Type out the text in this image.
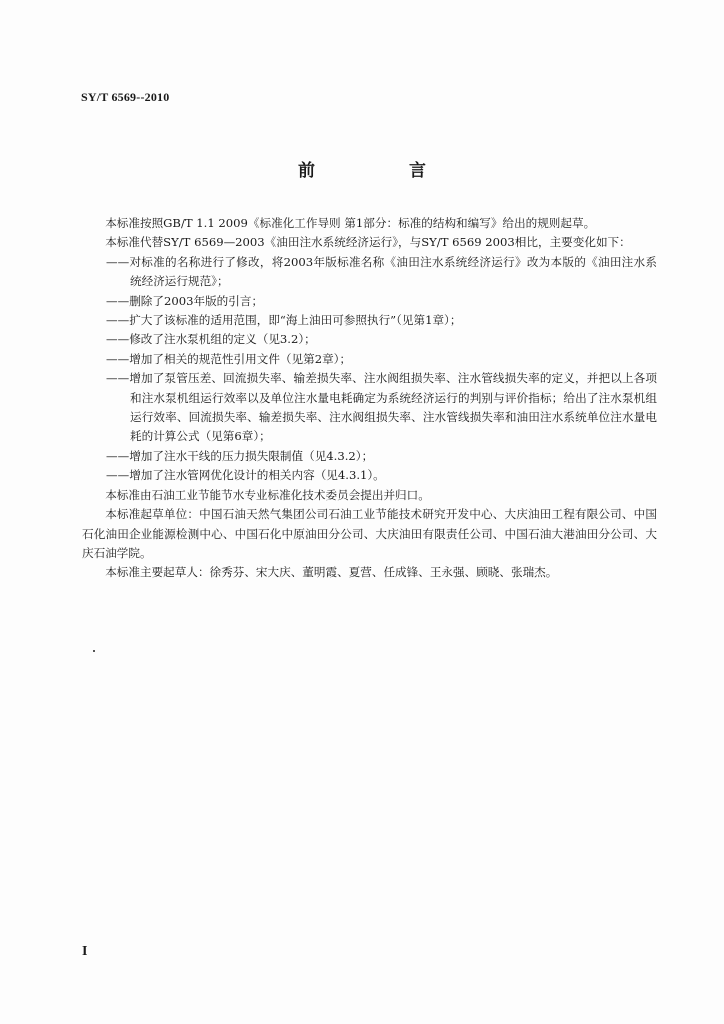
SY/T 6569--2010
前 言

本标准按照GB/T 1.1 2009《标准化工作导则 第1部分：标准的结构和编写》给出的规则起草。

本标准代替SY/T 6569—2003《油田注水系统经济运行》，与SY/T 6569 2003相比，主要变化如下：

——对标准的名称进行了修改，将2003年版标准名称《油田注水系统经济运行》改为本版的《油田注水系统经济运行规范》；

——删除了2003年版的引言；

——扩大了该标准的适用范围，即“海上油田可参照执行”（见第1章）；

——修改了注水泵机组的定义（见3.2）；

——增加了相关的规范性引用文件（见第2章）；

——增加了泵管压差、回流损失率、输差损失率、注水阀组损失率、注水管线损失率的定义，并把以上各项和注水泵机组运行效率以及单位注水量电耗确定为系统经济运行的判别与评价指标；给出了注水泵机组运行效率、回流损失率、输差损失率、注水阀组损失率、注水管线损失率和油田注水系统单位注水量电耗的计算公式（见第6章）；

——增加了注水干线的压力损失限制值（见4.3.2）；

——增加了注水管网优化设计的相关内容（见4.3.1）。

本标准由石油工业节能节水专业标准化技术委员会提出并归口。

本标准起草单位：中国石油天然气集团公司石油工业节能技术研究开发中心、大庆油田工程有限公司、中国石化油田企业能源检测中心、中国石化中原油田分公司、大庆油田有限责任公司、中国石油大港油田分公司、大庆石油学院。

本标准主要起草人：徐秀芬、宋大庆、董明霞、夏营、任成锋、王永强、顾晓、张瑞杰。

I
